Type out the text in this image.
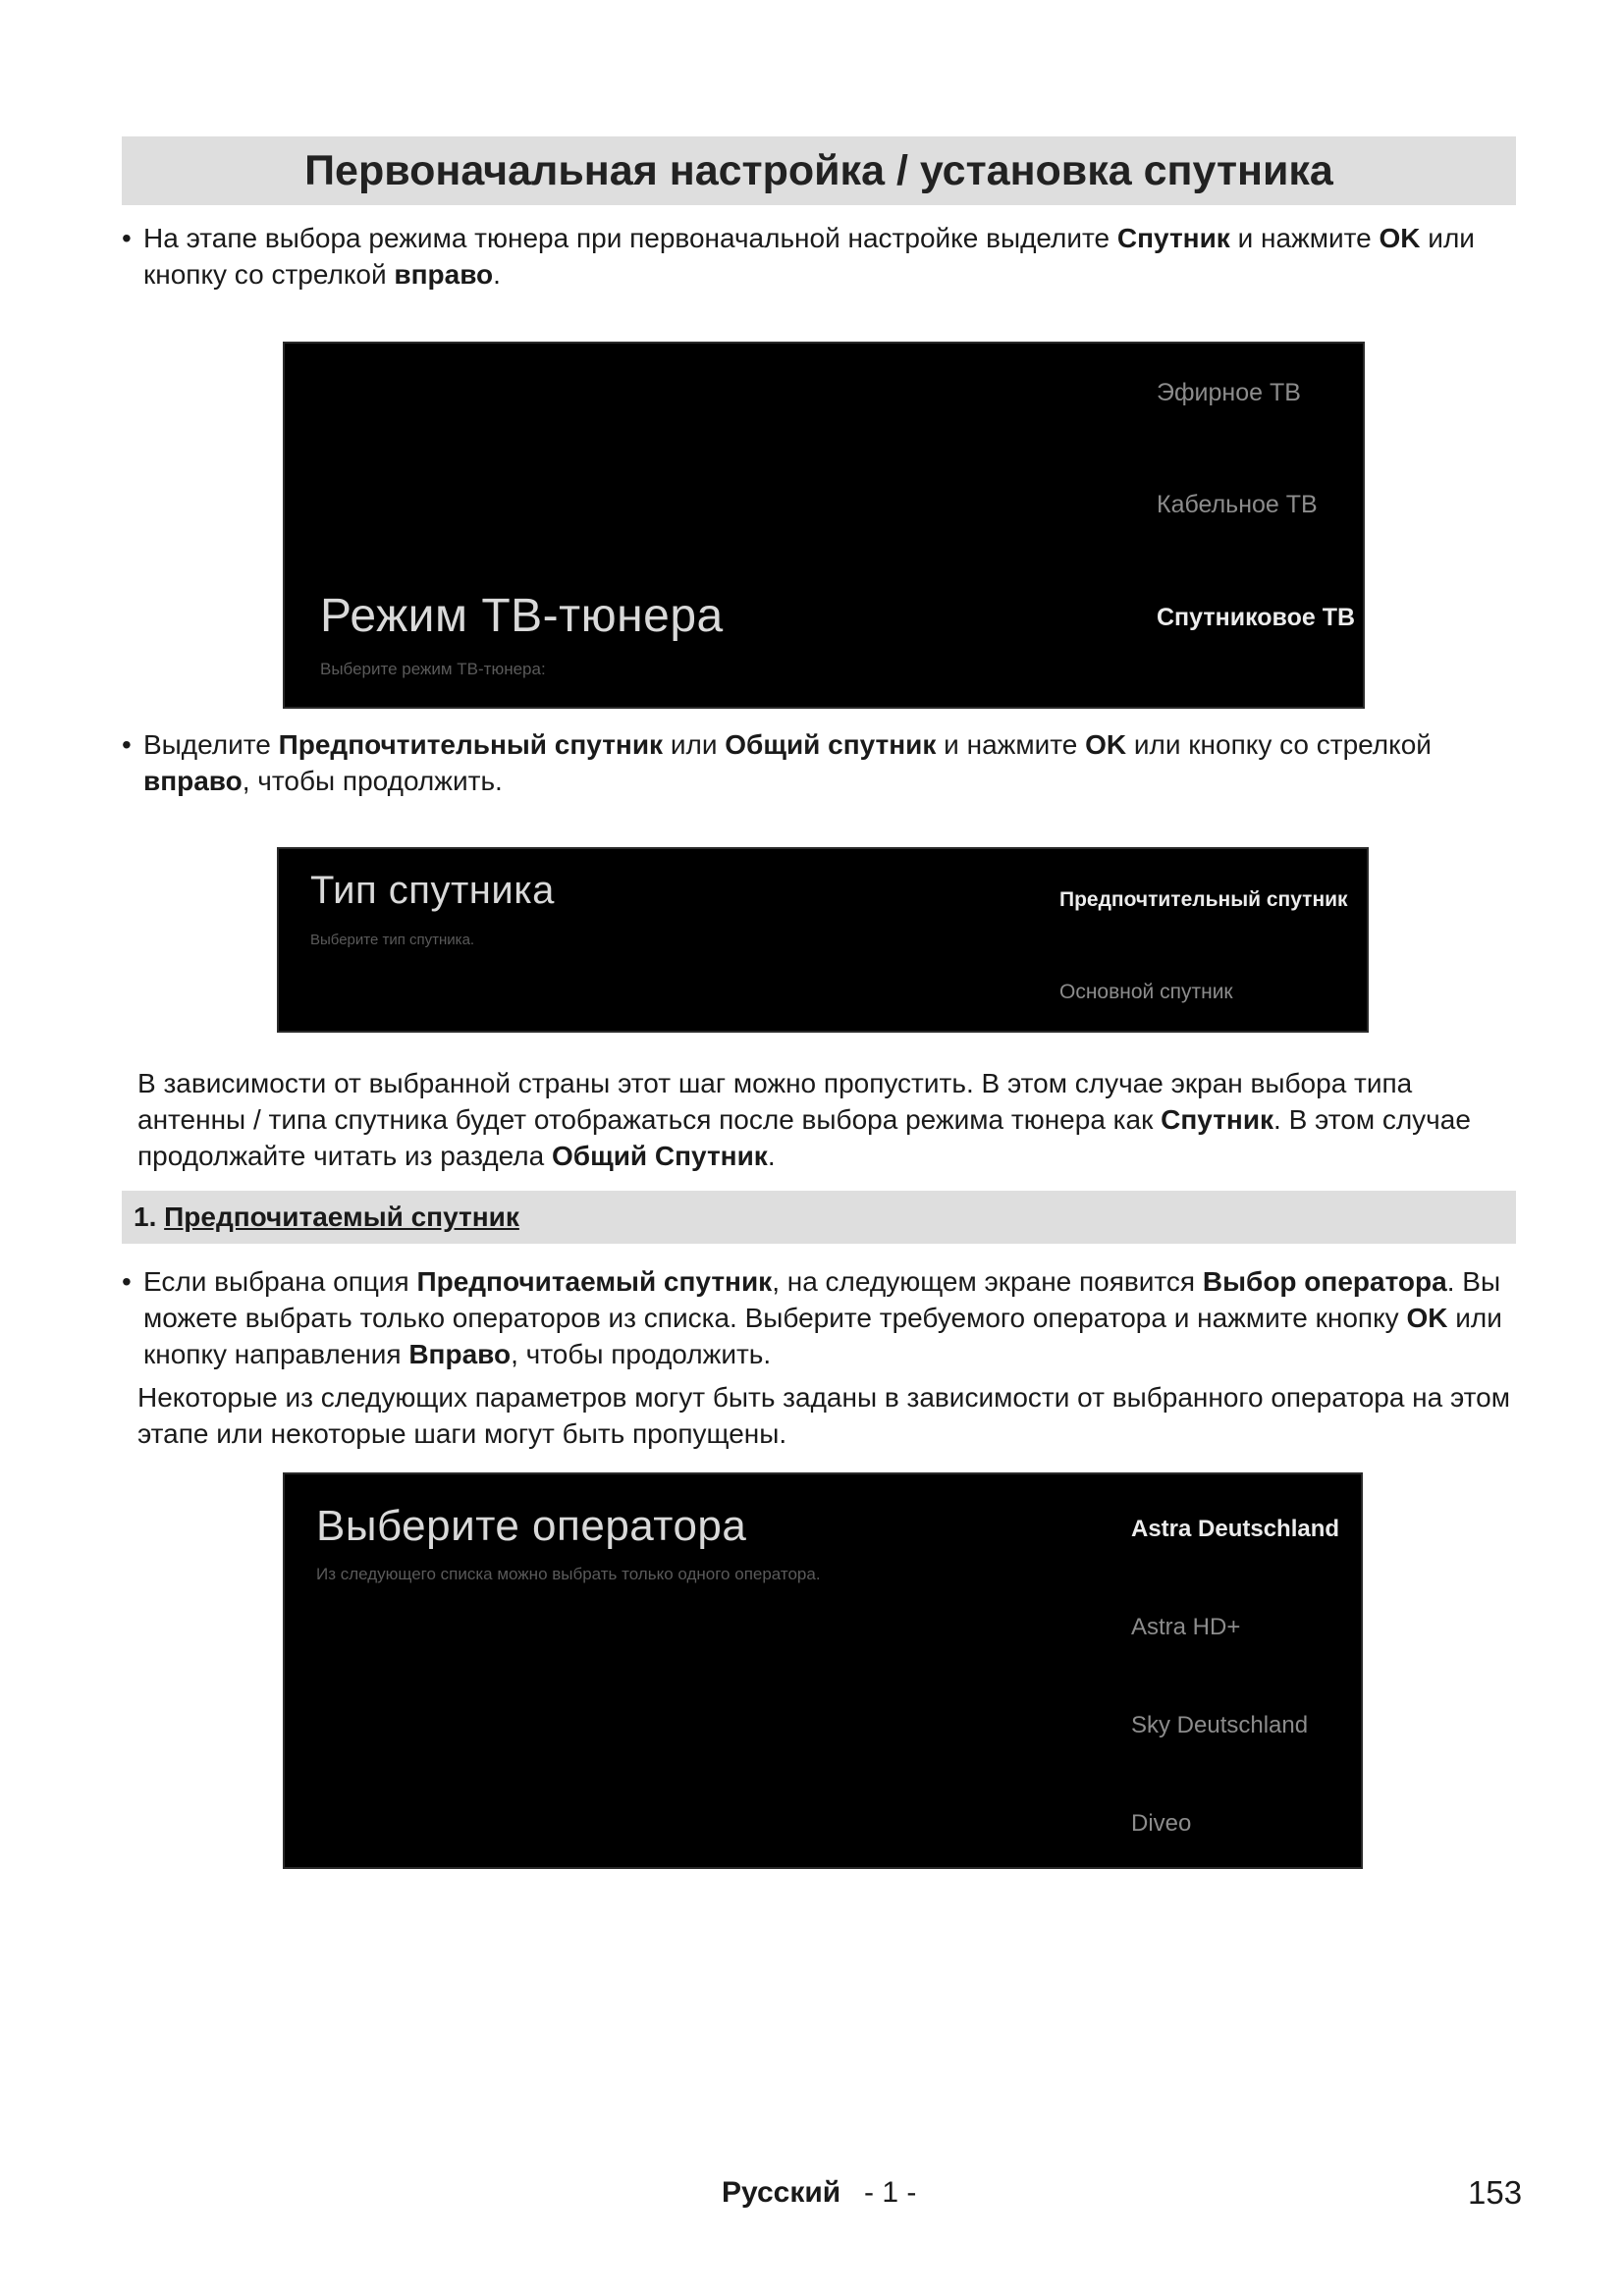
Первоначальная настройка / установка спутника
• На этапе выбора режима тюнера при первоначальной настройке выделите Спутник и нажмите OK или кнопку со стрелкой вправо.
Эфирное ТВ
Кабельное ТВ
Спутниковое ТВ
Режим ТВ-тюнера
Выберите режим ТВ-тюнера:
• Выделите Предпочтительный спутник или Общий спутник и нажмите OK или кнопку со стрелкой вправо, чтобы продолжить.
Тип спутника
Выберите тип спутника.
Предпочтительный спутник
Основной спутник
В зависимости от выбранной страны этот шаг можно пропустить. В этом случае экран выбора типа антенны / типа спутника будет отображаться после выбора режима тюнера как Спутник. В этом случае продолжайте читать из раздела Общий Спутник.
1. Предпочитаемый спутник
• Если выбрана опция Предпочитаемый спутник, на следующем экране появится Выбор оператора. Вы можете выбрать только операторов из списка. Выберите требуемого оператора и нажмите кнопку OK или кнопку направления Вправо, чтобы продолжить.
Некоторые из следующих параметров могут быть заданы в зависимости от выбранного оператора на этом этапе или некоторые шаги могут быть пропущены.
Выберите оператора
Из следующего списка можно выбрать только одного оператора.
Astra Deutschland
Astra HD+
Sky Deutschland
Diveo
Русский - 1 -	153
